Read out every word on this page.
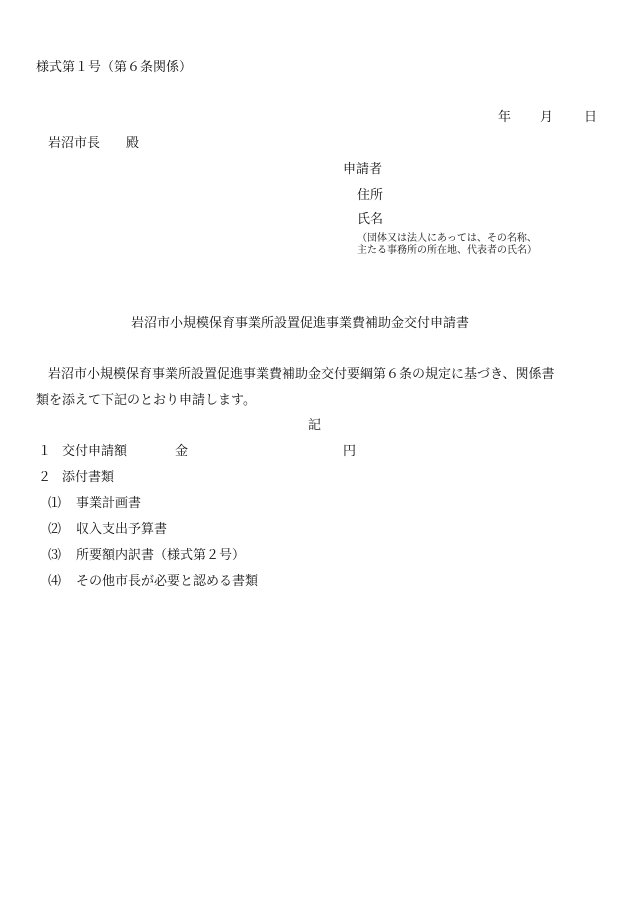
様式第１号（第６条関係）

年 月 日

岩沼市長　　殿

申請者

住所

氏名

（団体又は法人にあっては、その名称、

主たる事務所の所在地、代表者の氏名）

岩沼市小規模保育事業所設置促進事業費補助金交付申請書

岩沼市小規模保育事業所設置促進事業費補助金交付要綱第６条の規定に基づき、関係書

類を添えて下記のとおり申請します。

記

１ 交付申請額	金	円

２ 添付書類

⑴ 事業計画書

⑵ 収入支出予算書

⑶ 所要額内訳書（様式第２号）

⑷ その他市長が必要と認める書類
